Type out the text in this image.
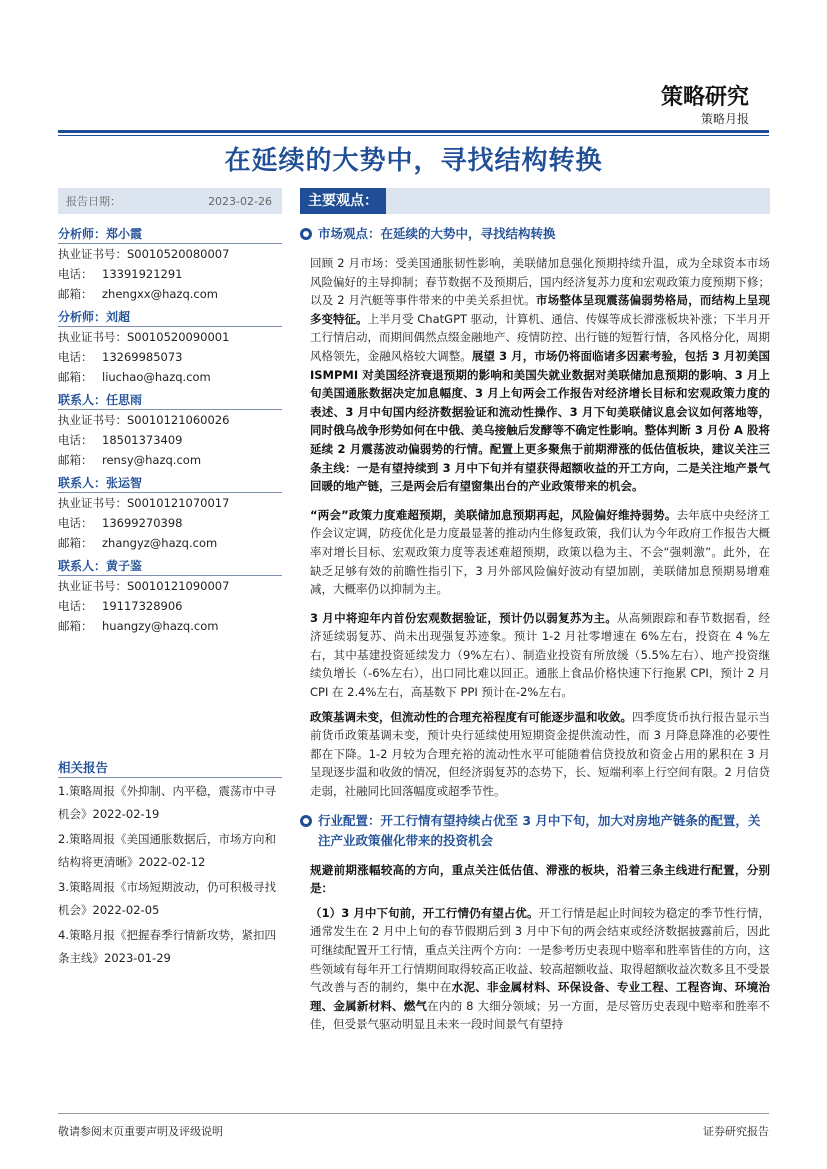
策略研究
策略月报
在延续的大势中，寻找结构转换
报告日期：	2023-02-26
分析师：郑小霞
执业证书号： S0010520080007
电话： 13391921291
邮箱： zhengxx@hazq.com
分析师：刘超
执业证书号： S0010520090001
电话： 13269985073
邮箱： liuchao@hazq.com
联系人：任思雨
执业证书号： S0010121060026
电话： 18501373409
邮箱： rensy@hazq.com
联系人：张运智
执业证书号： S0010121070017
电话： 13699270398
邮箱： zhangyz@hazq.com
联系人：黄子鉴
执业证书号： S0010121090007
电话： 19117328906
邮箱： huangzy@hazq.com
相关报告
1.策略周报《外抑制、内平稳，震荡市中寻机会》2022-02-19
2.策略周报《美国通胀数据后，市场方向和结构将更清晰》2022-02-12
3.策略周报《市场短期波动，仍可积极寻找机会》2022-02-05
4.策略月报《把握春季行情新攻势，紧扣四条主线》2023-01-29
主要观点：
市场观点：在延续的大势中，寻找结构转换
回顾 2 月市场：受美国通胀韧性影响，美联储加息强化预期持续升温，成为全球资本市场风险偏好的主导抑制；春节数据不及预期后，国内经济复苏力度和宏观政策力度预期下修；以及 2 月汽艇等事件带来的中美关系担忧。市场整体呈现震荡偏弱势格局，而结构上呈现多变特征。上半月受 ChatGPT 驱动，计算机、通信、传媒等成长滞涨板块补涨；下半月开工行情启动，而期间偶然点缀金融地产、疫情防控、出行链的短暂行情，各风格分化，周期风格领先，金融风格较大调整。展望 3 月，市场仍将面临诸多因素考验，包括 3 月初美国 ISMPMI 对美国经济衰退预期的影响和美国失就业数据对美联储加息预期的影响、3 月上旬美国通胀数据决定加息幅度、3 月上旬两会工作报告对经济增长目标和宏观政策力度的表述、3 月中旬国内经济数据验证和流动性操作、3 月下旬美联储议息会议如何落地等，同时俄乌战争形势如何在中俄、美乌接触后发酵等不确定性影响。整体判断 3 月份 A 股将延续 2 月震荡波动偏弱势的行情。配置上更多聚焦于前期滞涨的低估值板块，建议关注三条主线：一是有望持续到 3 月中下旬并有望获得超额收益的开工方向，二是关注地产景气回暖的地产链，三是两会后有望窗集出台的产业政策带来的机会。
“两会”政策力度难超预期，美联储加息预期再起，风险偏好维持弱势。去年底中央经济工作会议定调，防疫优化是力度最显著的推动内生修复政策，我们认为今年政府工作报告大概率对增长目标、宏观政策力度等表述难超预期，政策以稳为主、不会“强刺激”。此外，在缺乏足够有效的前瞻性指引下，3 月外部风险偏好波动有望加剧，美联储加息预期易增难减，大概率仍以抑制为主。
3 月中将迎年内首份宏观数据验证，预计仍以弱复苏为主。从高频跟踪和春节数据看，经济延续弱复苏、尚未出现强复苏迹象。预计 1-2 月社零增速在 6%左右，投资在 4 %左右，其中基建投资延续发力（9%左右）、制造业投资有所放缓（5.5%左右）、地产投资继续负增长（-6%左右），出口同比难以回正。通胀上食品价格快速下行拖累 CPI，预计 2 月 CPI 在 2.4%左右，高基数下 PPI 预计在-2%左右。
政策基调未变，但流动性的合理充裕程度有可能逐步温和收敛。四季度货币执行报告显示当前货币政策基调未变，预计央行延续使用短期资金提供流动性，而 3 月降息降准的必要性都在下降。1-2 月较为合理充裕的流动性水平可能随着信贷投放和资金占用的累积在 3 月呈现逐步温和收敛的情况，但经济弱复苏的态势下，长、短端利率上行空间有限。2 月信贷走弱，社融同比回落幅度或超季节性。
行业配置：开工行情有望持续占优至 3 月中下旬，加大对房地产链条的配置，关注产业政策催化带来的投资机会
规避前期涨幅较高的方向，重点关注低估值、滞涨的板块，沿着三条主线进行配置，分别是：
（1）3 月中下旬前，开工行情仍有望占优。开工行情是起止时间较为稳定的季节性行情，通常发生在 2 月中上旬的春节假期后到 3 月中下旬的两会结束或经济数据披露前后，因此可继续配置开工行情，重点关注两个方向：一是参考历史表现中赔率和胜率皆佳的方向，这些领域有每年开工行情期间取得较高正收益、较高超额收益、取得超额收益次数多且不受景气改善与否的制约，集中在水泥、非金属材料、环保设备、专业工程、工程咨询、环境治理、金属新材料、燃气在内的 8 大细分领域；另一方面，是尽管历史表现中赔率和胜率不佳，但受景气驱动明显且未来一段时间景气有望持
敬请参阅末页重要声明及评级说明	证券研究报告
